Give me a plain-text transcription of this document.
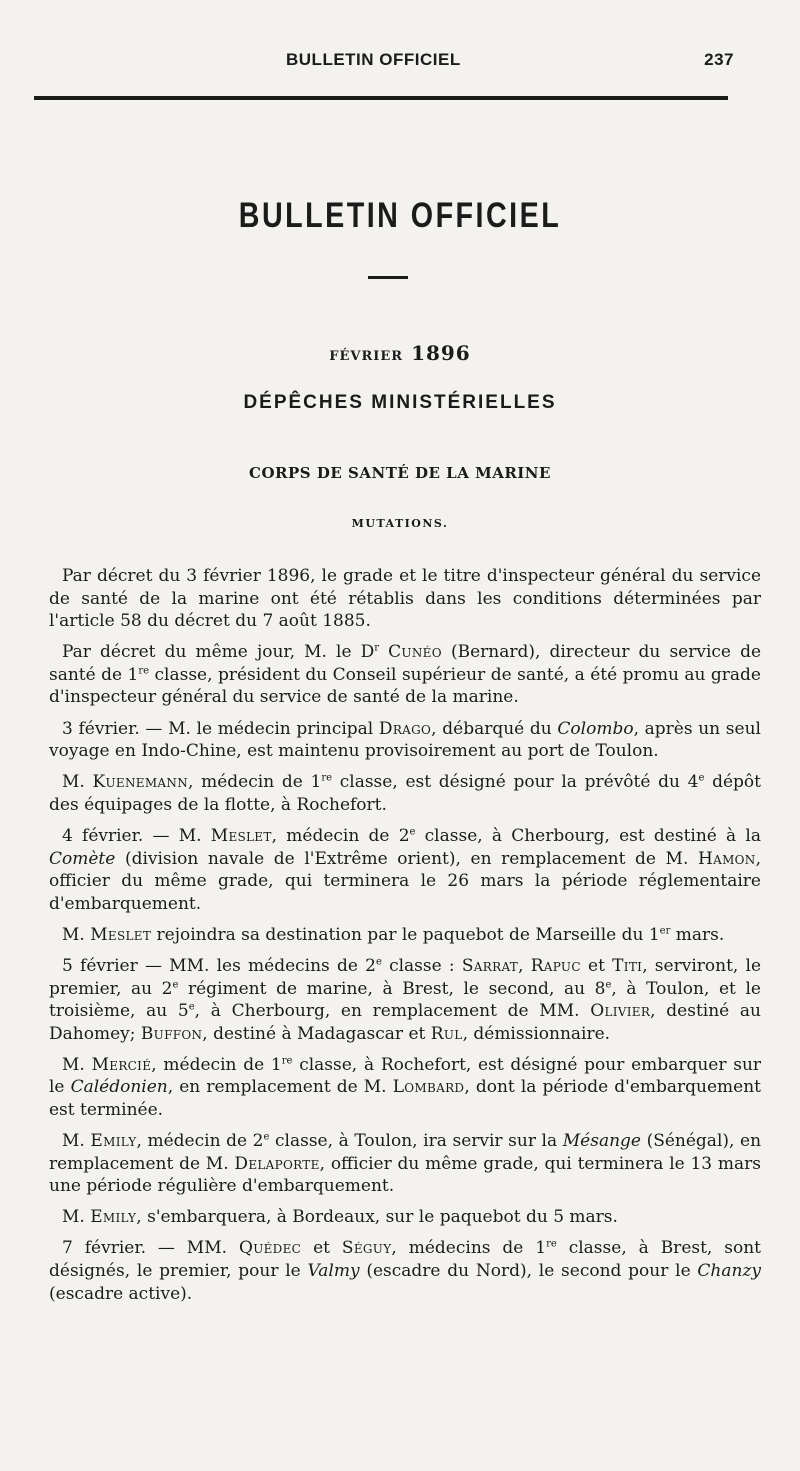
BULLETIN OFFICIEL	237
BULLETIN OFFICIEL
FÉVRIER 1896
DÉPÊCHES MINISTÉRIELLES
CORPS DE SANTÉ DE LA MARINE
MUTATIONS.

Par décret du 3 février 1896, le grade et le titre d'inspecteur général du service de santé de la marine ont été rétablis dans les conditions déterminées par l'article 58 du décret du 7 août 1885.

Par décret du même jour, M. le $D^r$ Cunéo (Bernard), directeur du service de santé de 1re classe, président du Conseil supérieur de santé, a été promu au grade d'inspecteur général du service de santé de la marine.

3 février. — M. le médecin principal Drago, débarqué du Colombo, après un seul voyage en Indo-Chine, est maintenu provisoirement au port de Toulon.

M. Kuenemann, médecin de 1re classe, est désigné pour la prévôté du 4e dépôt des équipages de la flotte, à Rochefort.

4 février. — M. Meslet, médecin de 2e classe, à Cherbourg, est destiné à la Comète (division navale de l'Extrême orient), en remplacement de M. Hamon, officier du même grade, qui terminera le 26 mars la période réglementaire d'embarquement.

M. Meslet rejoindra sa destination par le paquebot de Marseille du 1er mars.

5 février — MM. les médecins de 2e classe : Sarrat, Rapuc et Titi, serviront, le premier, au 2e régiment de marine, à Brest, le second, au 8e, à Toulon, et le troisième, au 5e, à Cherbourg, en remplacement de MM. Olivier, destiné au Dahomey; Buffon, destiné à Madagascar et Rul, démissionnaire.

M. Mercié, médecin de 1re classe, à Rochefort, est désigné pour embarquer sur le Calédonien, en remplacement de M. Lombard, dont la période d'embarquement est terminée.

M. Emily, médecin de 2e classe, à Toulon, ira servir sur la Mésange (Sénégal), en remplacement de M. Delaporte, officier du même grade, qui terminera le 13 mars une période régulière d'embarquement.

M. Emily, s'embarquera, à Bordeaux, sur le paquebot du 5 mars.

7 février. — MM. Quédec et Séguy, médecins de 1re classe, à Brest, sont désignés, le premier, pour le Valmy (escadre du Nord), le second pour le Chanzy (escadre active).
